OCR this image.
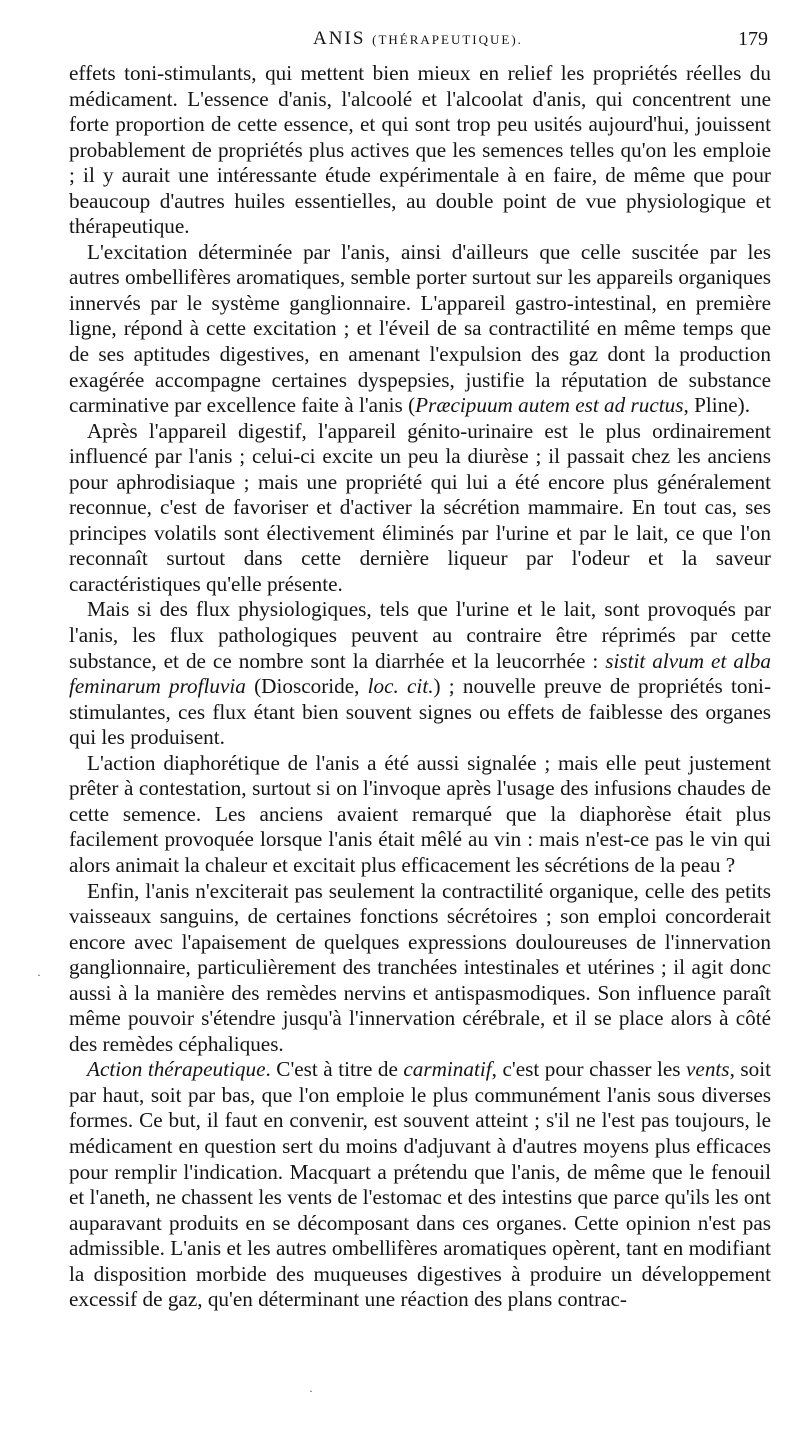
ANIS (THÉRAPEUTIQUE).	179

effets toni-stimulants, qui mettent bien mieux en relief les propriétés réelles du médicament. L'essence d'anis, l'alcoolé et l'alcoolat d'anis, qui concentrent une forte proportion de cette essence, et qui sont trop peu usités aujourd'hui, jouissent probablement de propriétés plus actives que les semences telles qu'on les emploie ; il y aurait une intéressante étude expérimentale à en faire, de même que pour beaucoup d'autres huiles essentielles, au double point de vue physiologique et thérapeutique.

L'excitation déterminée par l'anis, ainsi d'ailleurs que celle suscitée par les autres ombellifères aromatiques, semble porter surtout sur les appareils organiques innervés par le système ganglionnaire. L'appareil gastro-intestinal, en première ligne, répond à cette excitation ; et l'éveil de sa contractilité en même temps que de ses aptitudes digestives, en amenant l'expulsion des gaz dont la production exagérée accompagne certaines dyspepsies, justifie la réputation de substance carminative par excellence faite à l'anis (Præcipuum autem est ad ructus, Pline).

Après l'appareil digestif, l'appareil génito-urinaire est le plus ordinairement influencé par l'anis ; celui-ci excite un peu la diurèse ; il passait chez les anciens pour aphrodisiaque ; mais une propriété qui lui a été encore plus généralement reconnue, c'est de favoriser et d'activer la sécrétion mammaire. En tout cas, ses principes volatils sont électivement éliminés par l'urine et par le lait, ce que l'on reconnaît surtout dans cette dernière liqueur par l'odeur et la saveur caractéristiques qu'elle présente.

Mais si des flux physiologiques, tels que l'urine et le lait, sont provoqués par l'anis, les flux pathologiques peuvent au contraire être réprimés par cette substance, et de ce nombre sont la diarrhée et la leucorrhée : sistit alvum et alba feminarum profluvia (Dioscoride, loc. cit.) ; nouvelle preuve de propriétés toni-stimulantes, ces flux étant bien souvent signes ou effets de faiblesse des organes qui les produisent.

L'action diaphorétique de l'anis a été aussi signalée ; mais elle peut justement prêter à contestation, surtout si on l'invoque après l'usage des infusions chaudes de cette semence. Les anciens avaient remarqué que la diaphorèse était plus facilement provoquée lorsque l'anis était mêlé au vin : mais n'est-ce pas le vin qui alors animait la chaleur et excitait plus efficacement les sécrétions de la peau ?

Enfin, l'anis n'exciterait pas seulement la contractilité organique, celle des petits vaisseaux sanguins, de certaines fonctions sécrétoires ; son emploi concorderait encore avec l'apaisement de quelques expressions douloureuses de l'innervation ganglionnaire, particulièrement des tranchées intestinales et utérines ; il agit donc aussi à la manière des remèdes nervins et antispasmodiques. Son influence paraît même pouvoir s'étendre jusqu'à l'innervation cérébrale, et il se place alors à côté des remèdes céphaliques.

Action thérapeutique. C'est à titre de carminatif, c'est pour chasser les vents, soit par haut, soit par bas, que l'on emploie le plus communément l'anis sous diverses formes. Ce but, il faut en convenir, est souvent atteint ; s'il ne l'est pas toujours, le médicament en question sert du moins d'adjuvant à d'autres moyens plus efficaces pour remplir l'indication. Macquart a prétendu que l'anis, de même que le fenouil et l'aneth, ne chassent les vents de l'estomac et des intestins que parce qu'ils les ont auparavant produits en se décomposant dans ces organes. Cette opinion n'est pas admissible. L'anis et les autres ombellifères aromatiques opèrent, tant en modifiant la disposition morbide des muqueuses digestives à produire un développement excessif de gaz, qu'en déterminant une réaction des plans contrac-

·
·
